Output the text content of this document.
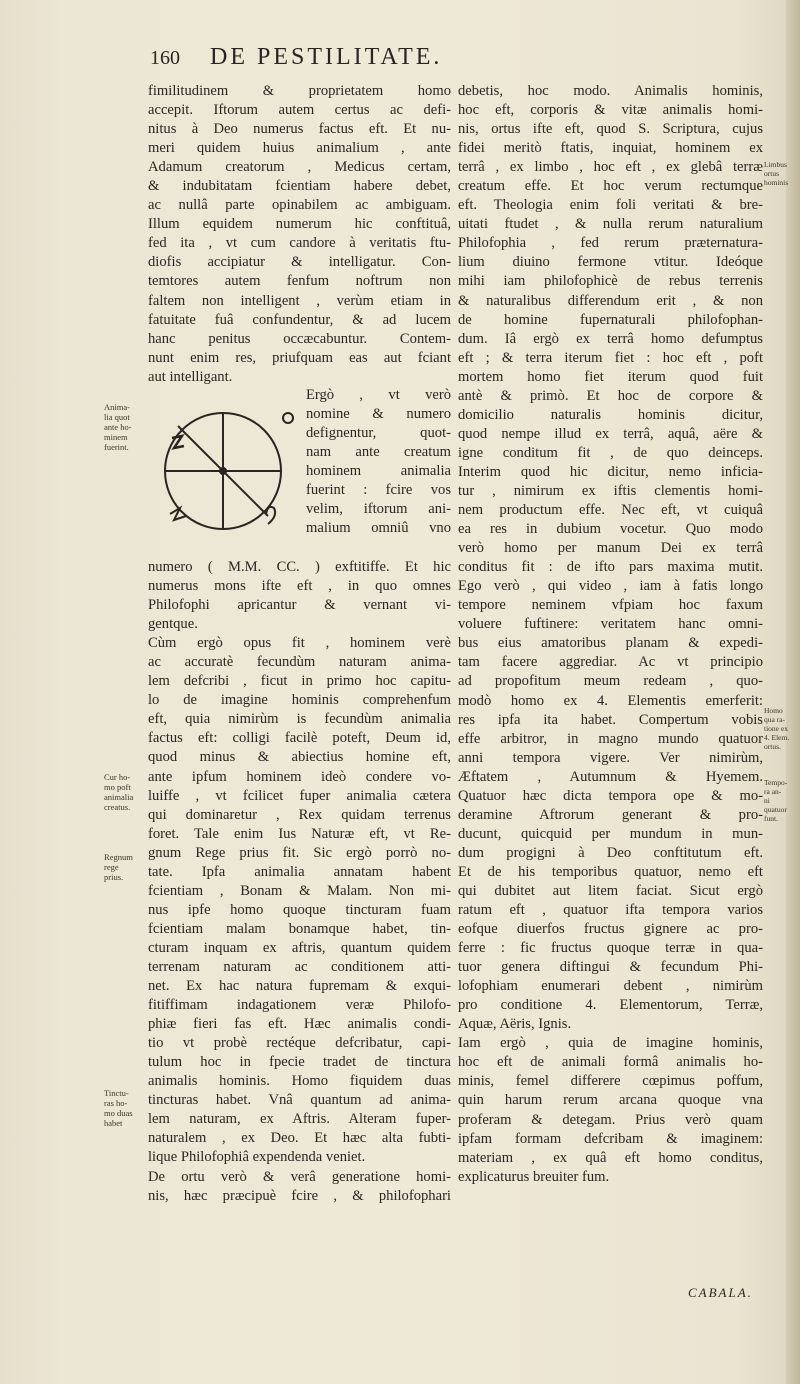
160	DE PESTILITATE.
fimilitudinem & proprietatem homo
accepit. Iftorum autem certus ac defi-
nitus à Deo numerus factus eft. Et nu-
meri quidem huius animalium , ante
Adamum creatorum , Medicus certam,
& indubitatam fcientiam habere debet,
ac nullâ parte opinabilem ac ambiguam.
Illum equidem numerum hic conftituâ,
fed ita , vt cum candore à veritatis ftu-
diofis accipiatur & intelligatur. Con-
temtores autem fenfum noftrum non
faltem non intelligent , verùm etiam in
fatuitate fuâ confundentur, & ad lucem
hanc penitus occæcabuntur. Contem-
nunt enim res, priufquam eas aut fciant
aut intelligant.
Ergò , vt verò
nomine & numero
defignentur, quot-
nam ante creatum
hominem animalia
fuerint : fcire vos
velim, iftorum ani-
malium omniû vno
numero ( M.M. CC. ) exftitiffe. Et hic
numerus mons ifte eft , in quo omnes
Philofophi apricantur & vernant vi-
gentque.
Cùm ergò opus fit , hominem verè
ac accuratè fecundùm naturam anima-
lem defcribi , ficut in primo hoc capitu-
lo de imagine hominis comprehenfum
eft, quia nimirùm is fecundùm animalia
factus eft: colligi facilè poteft, Deum id,
quod minus & abiectius homine eft,
ante ipfum hominem ideò condere vo-
luiffe , vt fcilicet fuper animalia cætera
qui dominaretur , Rex quidam terrenus
foret. Tale enim Ius Naturæ eft, vt Re-
gnum Rege prius fit. Sic ergò porrò no-
tate. Ipfa animalia annatam habent
fcientiam , Bonam & Malam. Non mi-
nus ipfe homo quoque tincturam fuam
fcientiam malam bonamque habet, tin-
cturam inquam ex aftris, quantum quidem
terrenam naturam ac conditionem atti-
net. Ex hac natura fupremam & exqui-
fitiffimam indagationem veræ Philofo-
phiæ fieri fas eft. Hæc animalis condi-
tio vt probè rectéque defcribatur, capi-
tulum hoc in fpecie tradet de tinctura
animalis hominis. Homo fiquidem duas
tincturas habet. Vnâ quantum ad anima-
lem naturam, ex Aftris. Alteram fuper-
naturalem , ex Deo. Et hæc alta fubti-
lique Philofophiâ expendenda veniet.
De ortu verò & verâ generatione homi-
nis, hæc præcipuè fcire , & philofophari
debetis, hoc modo. Animalis hominis,
hoc eft, corporis & vitæ animalis homi-
nis, ortus ifte eft, quod S. Scriptura, cujus
fidei meritò ftatis, inquiat, hominem ex
terrâ , ex limbo , hoc eft , ex glebâ terræ
creatum effe. Et hoc verum rectumque
eft. Theologia enim foli veritati & bre-
uitati ftudet , & nulla rerum naturalium
Philofophia , fed rerum præternatura-
lium diuino fermone vtitur. Ideóque
mihi iam philofophicè de rebus terrenis
& naturalibus differendum erit , & non
de homine fupernaturali philofophan-
dum. Iâ ergò ex terrâ homo defumptus
eft ; & terra iterum fiet : hoc eft , poft
mortem homo fiet iterum quod fuit
antè & primò. Et hoc de corpore &
domicilio naturalis hominis dicitur,
quod nempe illud ex terrâ, aquâ, aëre &
igne conditum fit , de quo deinceps.
Interim quod hic dicitur, nemo inficia-
tur , nimirum ex iftis clementis homi-
nem productum effe. Nec eft, vt cuiquâ
ea res in dubium vocetur. Quo modo
verò homo per manum Dei ex terrâ
conditus fit : de ifto pars maxima mutit.
Ego verò , qui video , iam à fatis longo
tempore neminem vfpiam hoc faxum
voluere fuftinere: veritatem hanc omni-
bus eius amatoribus planam & expedi-
tam facere aggrediar. Ac vt principio
ad propofitum meum redeam , quo-
modò homo ex 4. Elementis emerferit:
res ipfa ita habet. Compertum vobis
effe arbitror, in magno mundo quatuor
anni tempora vigere. Ver nimirùm,
Æftatem , Autumnum & Hyemem.
Quatuor hæc dicta tempora ope & mo-
deramine Aftrorum generant & pro-
ducunt, quicquid per mundum in mun-
dum progigni à Deo conftitutum eft.
Et de his temporibus quatuor, nemo eft
qui dubitet aut litem faciat. Sicut ergò
ratum eft , quatuor ifta tempora varios
eofque diuerfos fructus gignere ac pro-
ferre : fic fructus quoque terræ in qua-
tuor genera diftingui & fecundum Phi-
lofophiam enumerari debent , nimirùm
pro conditione 4. Elementorum, Terræ,
Aquæ, Aëris, Ignis.
Iam ergò , quia de imagine hominis,
hoc eft de animali formâ animalis ho-
minis, femel differere cœpimus poffum,
quin harum rerum arcana quoque vna
proferam & detegam. Prius verò quam
ipfam formam defcribam & imaginem:
materiam , ex quâ eft homo conditus,
explicaturus breuiter fum.
Anima-
lia quot
ante ho-
minem
fuerint.
Cur ho-
mo poft
animalia
creatus.
Regnum
rege
prius.
Tinctu-
ras ho-
mo duas
habet
Limbus
ortus
hominis
Homo
qua ra-
tione ex
4. Elem.
ortus.
Tempo-
ra an-
ni
quatuor
funt.
CABALA.
